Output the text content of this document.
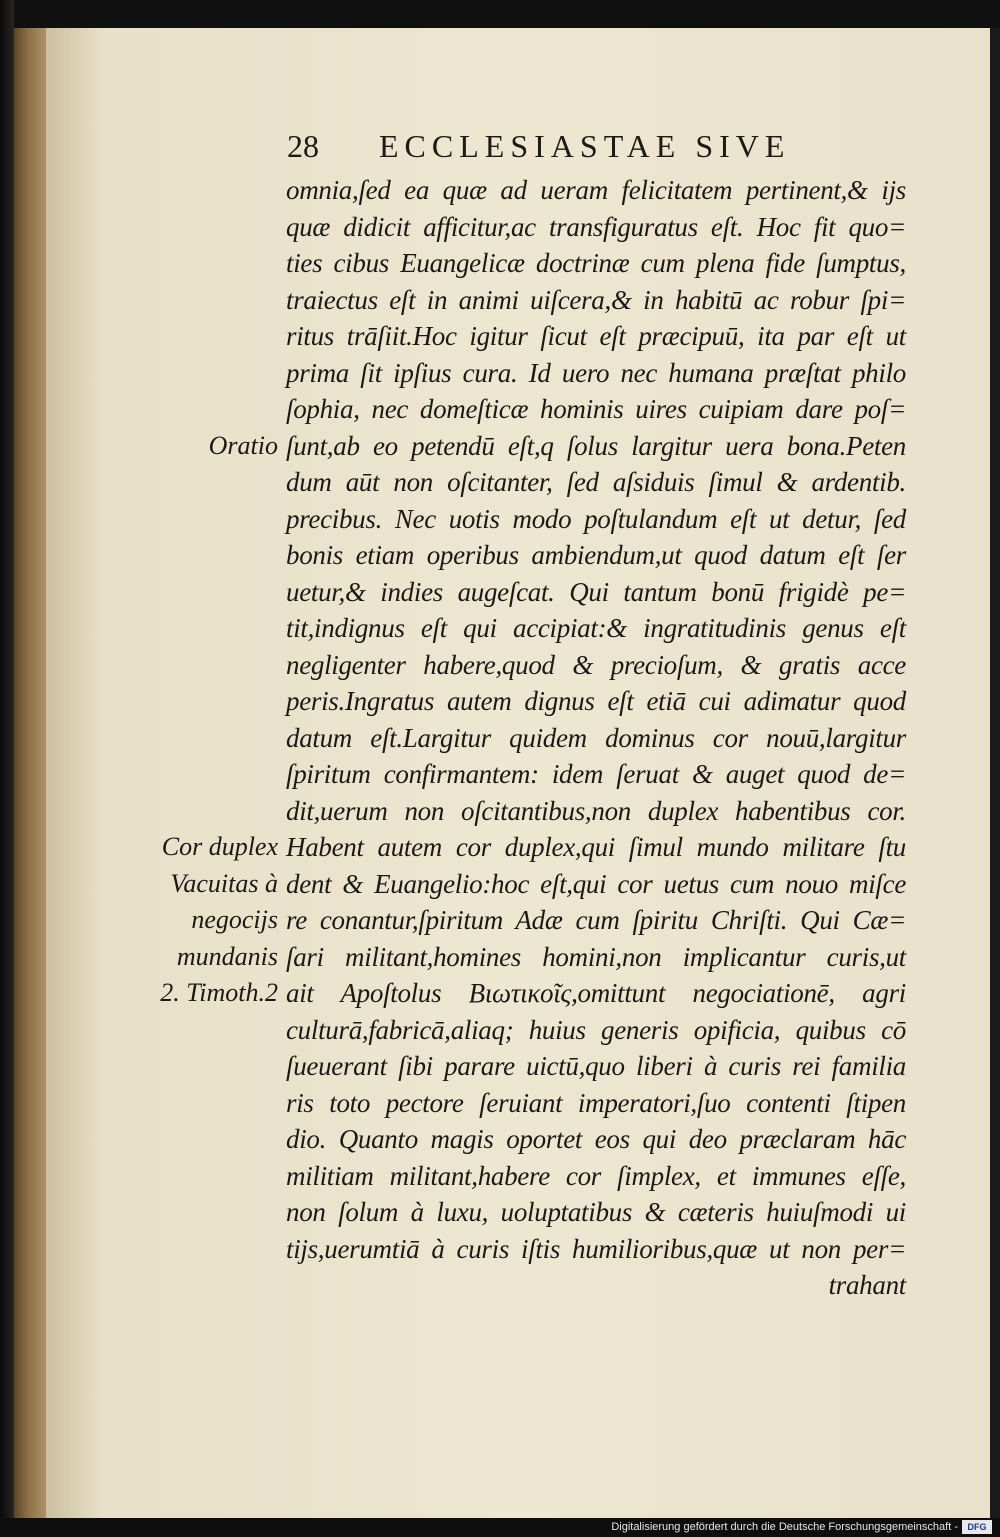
28 ECCLESIASTAE SIVE
omnia,ſed ea quæ ad ueram felicitatem pertinent,& ijs
quæ didicit afficitur,ac transfiguratus eſt. Hoc fit quo=
ties cibus Euangelicæ doctrinæ cum plena fide ſumptus,
traiectus eſt in animi uiſcera,& in habitū ac robur ſpi=
ritus trāſiit.Hoc igitur ſicut eſt præcipuū, ita par eſt ut
prima ſit ipſius cura. Id uero nec humana præſtat philo
ſophia, nec domeſticæ hominis uires cuipiam dare poſ=
ſunt,ab eo petendū eſt,q ſolus largitur uera bona.Peten
dum aūt non oſcitanter, ſed aſsiduis ſimul & ardentib.
precibus. Nec uotis modo poſtulandum eſt ut detur, ſed
bonis etiam operibus ambiendum,ut quod datum eſt ſer
uetur,& indies augeſcat. Qui tantum bonū frigidè pe=
tit,indignus eſt qui accipiat:& ingratitudinis genus eſt
negligenter habere,quod & precioſum, & gratis acce
peris.Ingratus autem dignus eſt etiā cui adimatur quod
datum eſt.Largitur quidem dominus cor nouū,largitur
ſpiritum confirmantem: idem ſeruat & auget quod de=
dit,uerum non oſcitantibus,non duplex habentibus cor.
Habent autem cor duplex,qui ſimul mundo militare ſtu
dent & Euangelio:hoc eſt,qui cor uetus cum nouo miſce
re conantur,ſpiritum Adæ cum ſpiritu Chriſti. Qui Cæ=
ſari militant,homines homini,non implicantur curis,ut
ait Apoſtolus Βιωτικοῖς,omittunt negociationē, agri
culturā,fabricā,aliaq; huius generis opificia, quibus cō
ſueuerant ſibi parare uictū,quo liberi à curis rei familia
ris toto pectore ſeruiant imperatori,ſuo contenti ſtipen
dio. Quanto magis oportet eos qui deo præclaram hāc
militiam militant,habere cor ſimplex, et immunes eſſe,
non ſolum à luxu, uoluptatibus & cæteris huiuſmodi ui
tijs,uerumtiā à curis iſtis humilioribus,quæ ut non per=
trahant
Oratio
Cor duplex
Vacuitas à
negocijs
mundanis
2. Timoth.2
Digitalisierung gefördert durch die Deutsche Forschungsgemeinschaft -	DFG
